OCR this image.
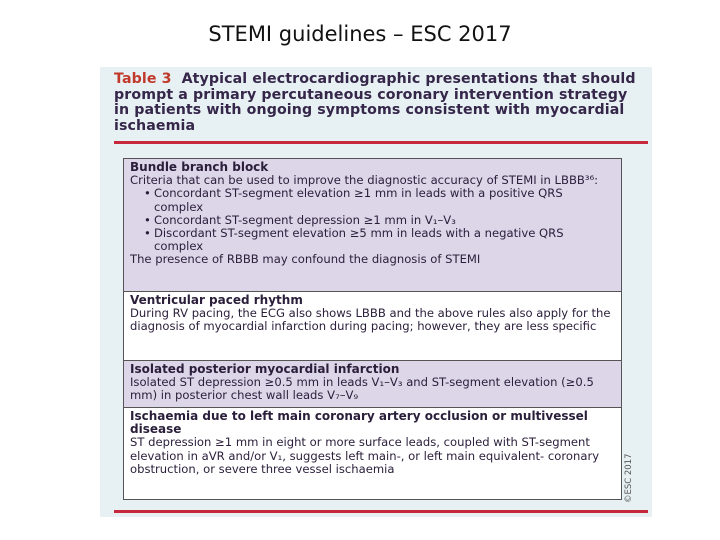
STEMI guidelines – ESC 2017
Table 3 Atypical electrocardiographic presentations that should prompt a primary percutaneous coronary intervention strategy in patients with ongoing symptoms consistent with myocardial ischaemia
Bundle branch block
Criteria that can be used to improve the diagnostic accuracy of STEMI in LBBB³⁶:
• Concordant ST-segment elevation ≥1 mm in leads with a positive QRS complex
• Concordant ST-segment depression ≥1 mm in V₁–V₃
• Discordant ST-segment elevation ≥5 mm in leads with a negative QRS complex
The presence of RBBB may confound the diagnosis of STEMI
Ventricular paced rhythm
During RV pacing, the ECG also shows LBBB and the above rules also apply for the diagnosis of myocardial infarction during pacing; however, they are less specific
Isolated posterior myocardial infarction
Isolated ST depression ≥0.5 mm in leads V₁–V₃ and ST-segment elevation (≥0.5 mm) in posterior chest wall leads V₇–V₉
Ischaemia due to left main coronary artery occlusion or multivessel disease
ST depression ≥1 mm in eight or more surface leads, coupled with ST-segment elevation in aVR and/or V₁, suggests left main-, or left main equivalent- coronary obstruction, or severe three vessel ischaemia	©ESC 2017
